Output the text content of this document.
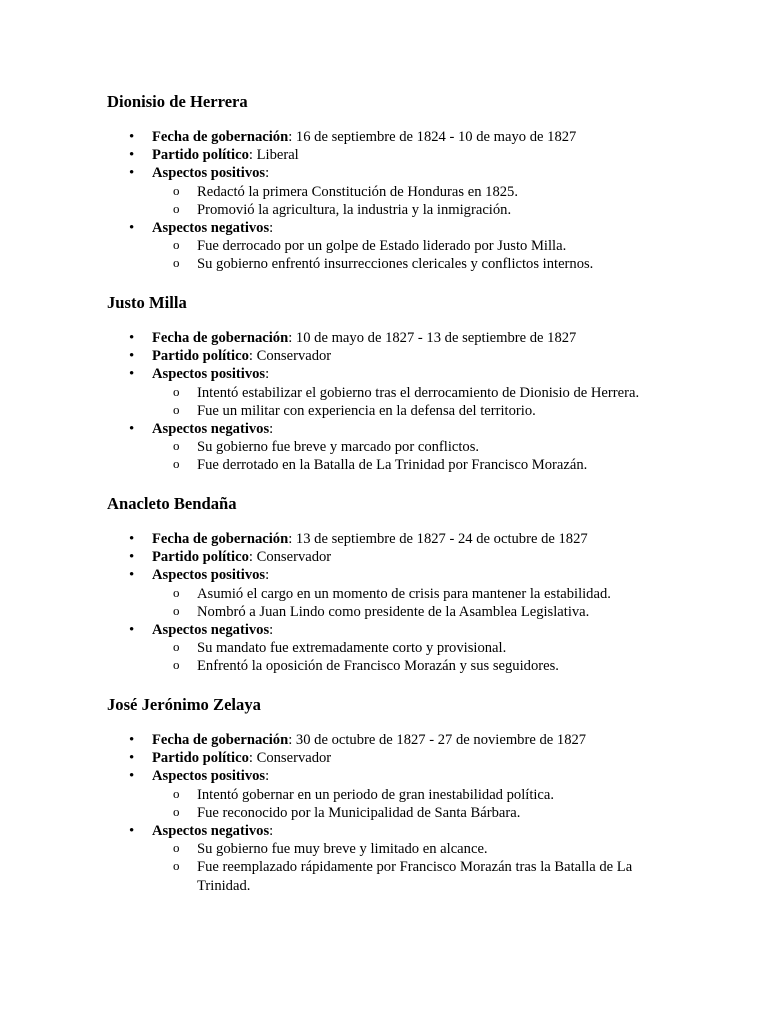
Dionisio de Herrera
• Fecha de gobernación: 16 de septiembre de 1824 - 10 de mayo de 1827
• Partido político: Liberal
• Aspectos positivos:
o Redactó la primera Constitución de Honduras en 1825.
o Promovió la agricultura, la industria y la inmigración.
• Aspectos negativos:
o Fue derrocado por un golpe de Estado liderado por Justo Milla.
o Su gobierno enfrentó insurrecciones clericales y conflictos internos.
Justo Milla
• Fecha de gobernación: 10 de mayo de 1827 - 13 de septiembre de 1827
• Partido político: Conservador
• Aspectos positivos:
o Intentó estabilizar el gobierno tras el derrocamiento de Dionisio de Herrera.
o Fue un militar con experiencia en la defensa del territorio.
• Aspectos negativos:
o Su gobierno fue breve y marcado por conflictos.
o Fue derrotado en la Batalla de La Trinidad por Francisco Morazán.
Anacleto Bendaña
• Fecha de gobernación: 13 de septiembre de 1827 - 24 de octubre de 1827
• Partido político: Conservador
• Aspectos positivos:
o Asumió el cargo en un momento de crisis para mantener la estabilidad.
o Nombró a Juan Lindo como presidente de la Asamblea Legislativa.
• Aspectos negativos:
o Su mandato fue extremadamente corto y provisional.
o Enfrentó la oposición de Francisco Morazán y sus seguidores.
José Jerónimo Zelaya
• Fecha de gobernación: 30 de octubre de 1827 - 27 de noviembre de 1827
• Partido político: Conservador
• Aspectos positivos:
o Intentó gobernar en un periodo de gran inestabilidad política.
o Fue reconocido por la Municipalidad de Santa Bárbara.
• Aspectos negativos:
o Su gobierno fue muy breve y limitado en alcance.
o Fue reemplazado rápidamente por Francisco Morazán tras la Batalla de La Trinidad.
